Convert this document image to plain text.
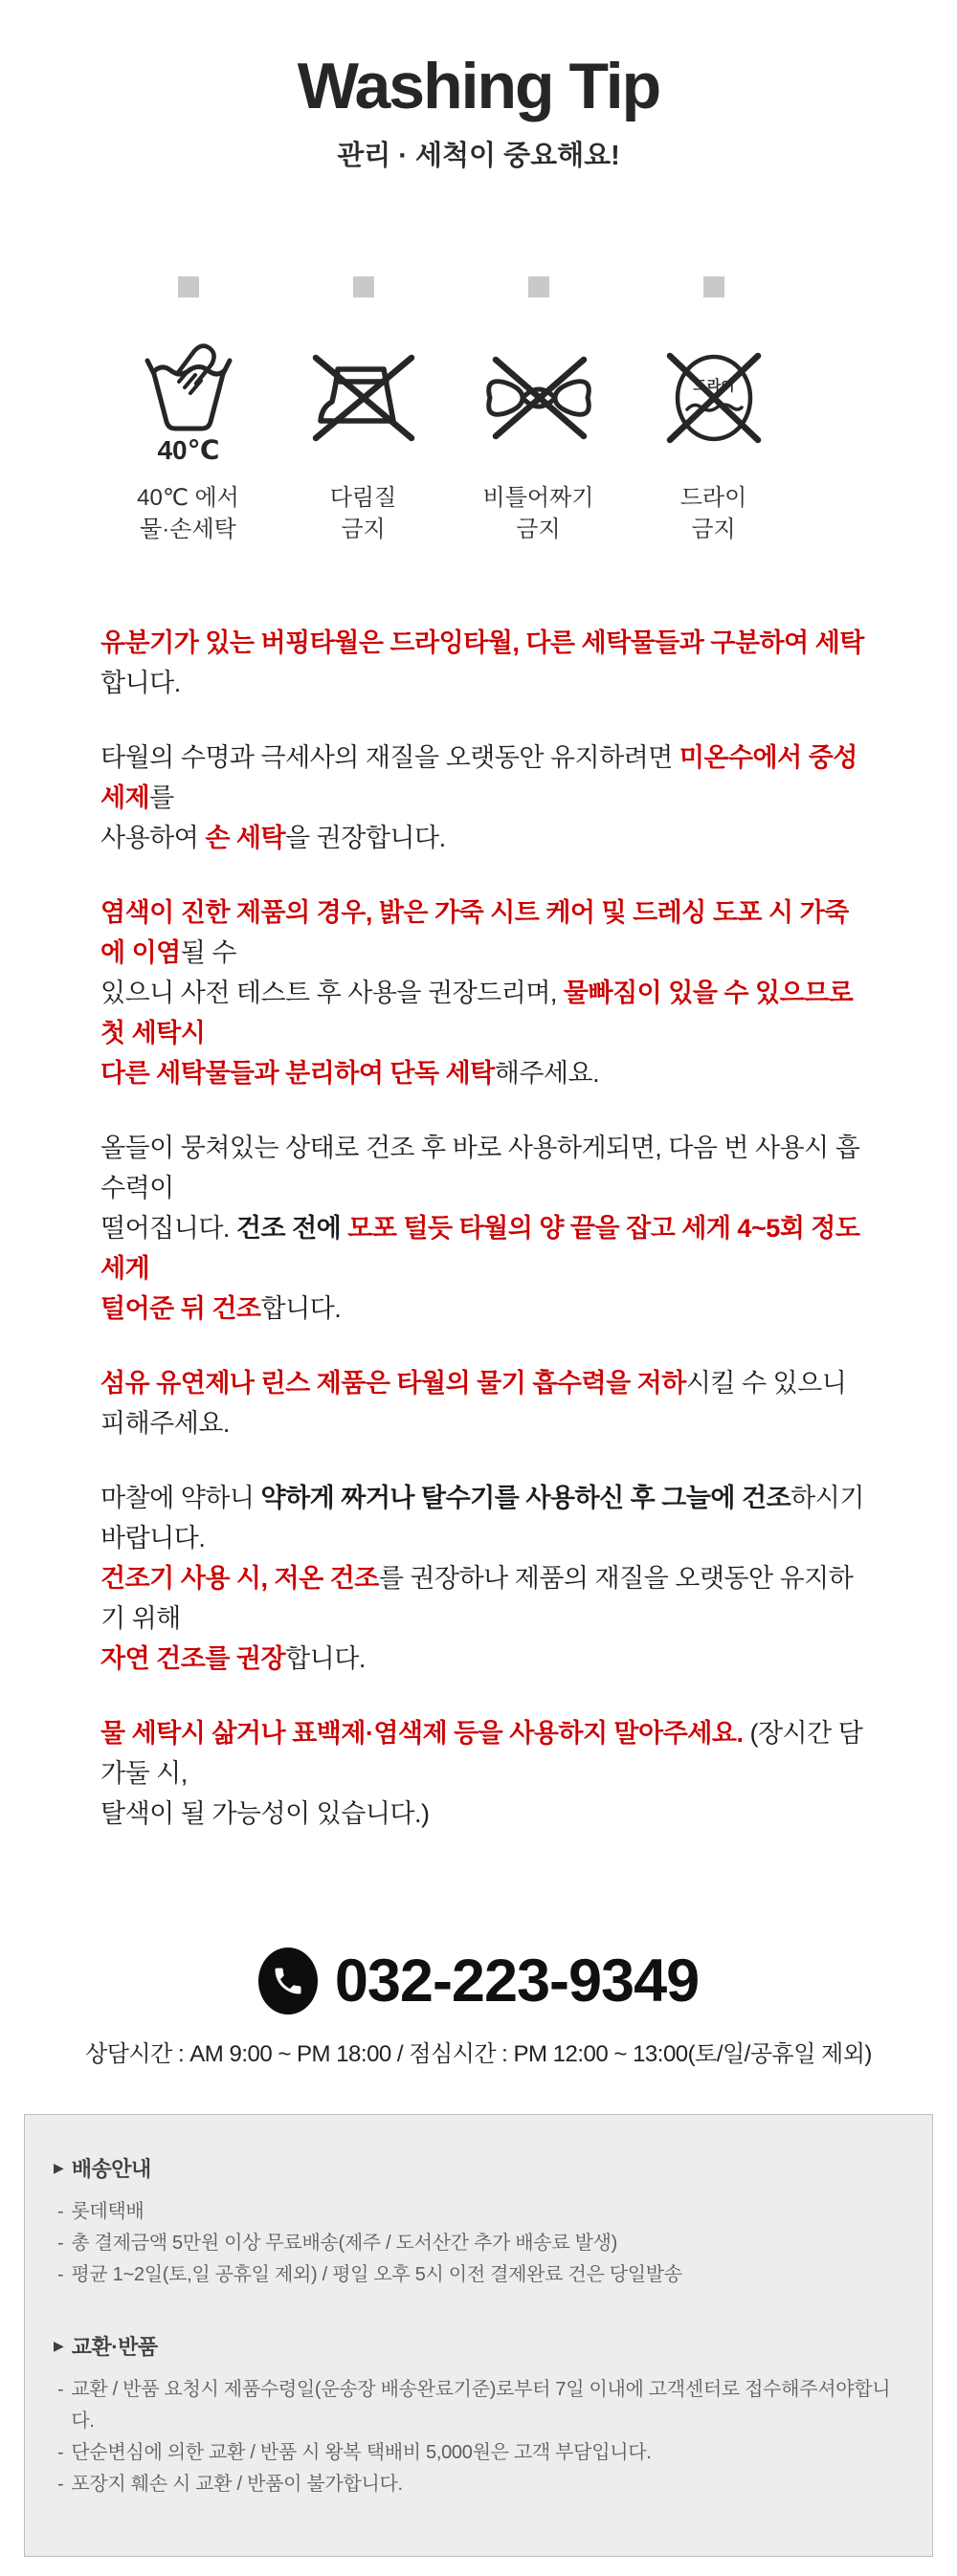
Washing Tip
관리 · 세척이 중요해요!
40℃
40℃ 에서
물·손세탁
다림질
금지
비틀어짜기
금지
드라이
드라이
금지

유분기가 있는 버핑타월은 드라잉타월, 다른 세탁물들과 구분하여 세탁합니다.

타월의 수명과 극세사의 재질을 오랫동안 유지하려면 미온수에서 중성세제를
사용하여 손 세탁을 권장합니다.

염색이 진한 제품의 경우, 밝은 가죽 시트 케어 및 드레싱 도포 시 가죽에 이염될 수
있으니 사전 테스트 후 사용을 권장드리며, 물빠짐이 있을 수 있으므로 첫 세탁시
다른 세탁물들과 분리하여 단독 세탁해주세요.

올들이 뭉쳐있는 상태로 건조 후 바로 사용하게되면, 다음 번 사용시 흡수력이
떨어집니다. 건조 전에 모포 털듯 타월의 양 끝을 잡고 세게 4~5회 정도 세게
털어준 뒤 건조합니다.

섬유 유연제나 린스 제품은 타월의 물기 흡수력을 저하시킬 수 있으니 피해주세요.

마찰에 약하니 약하게 짜거나 탈수기를 사용하신 후 그늘에 건조하시기 바랍니다.
건조기 사용 시, 저온 건조를 권장하나 제품의 재질을 오랫동안 유지하기 위해
자연 건조를 권장합니다.

물 세탁시 삶거나 표백제·염색제 등을 사용하지 말아주세요. (장시간 담가둘 시,
탈색이 될 가능성이 있습니다.)

032-223-9349
상담시간 : AM 9:00 ~ PM 18:00 / 점심시간 : PM 12:00 ~ 13:00(토/일/공휴일 제외)
▶ 배송안내
- 롯데택배
- 총 결제금액 5만원 이상 무료배송(제주 / 도서산간 추가 배송료 발생)
- 평균 1~2일(토,일 공휴일 제외) / 평일 오후 5시 이전 결제완료 건은 당일발송
▶ 교환·반품
- 교환 / 반품 요청시 제품수령일(운송장 배송완료기준)로부터 7일 이내에 고객센터로 접수해주셔야합니다.
- 단순변심에 의한 교환 / 반품 시 왕복 택배비 5,000원은 고객 부담입니다.
- 포장지 훼손 시 교환 / 반품이 불가합니다.
